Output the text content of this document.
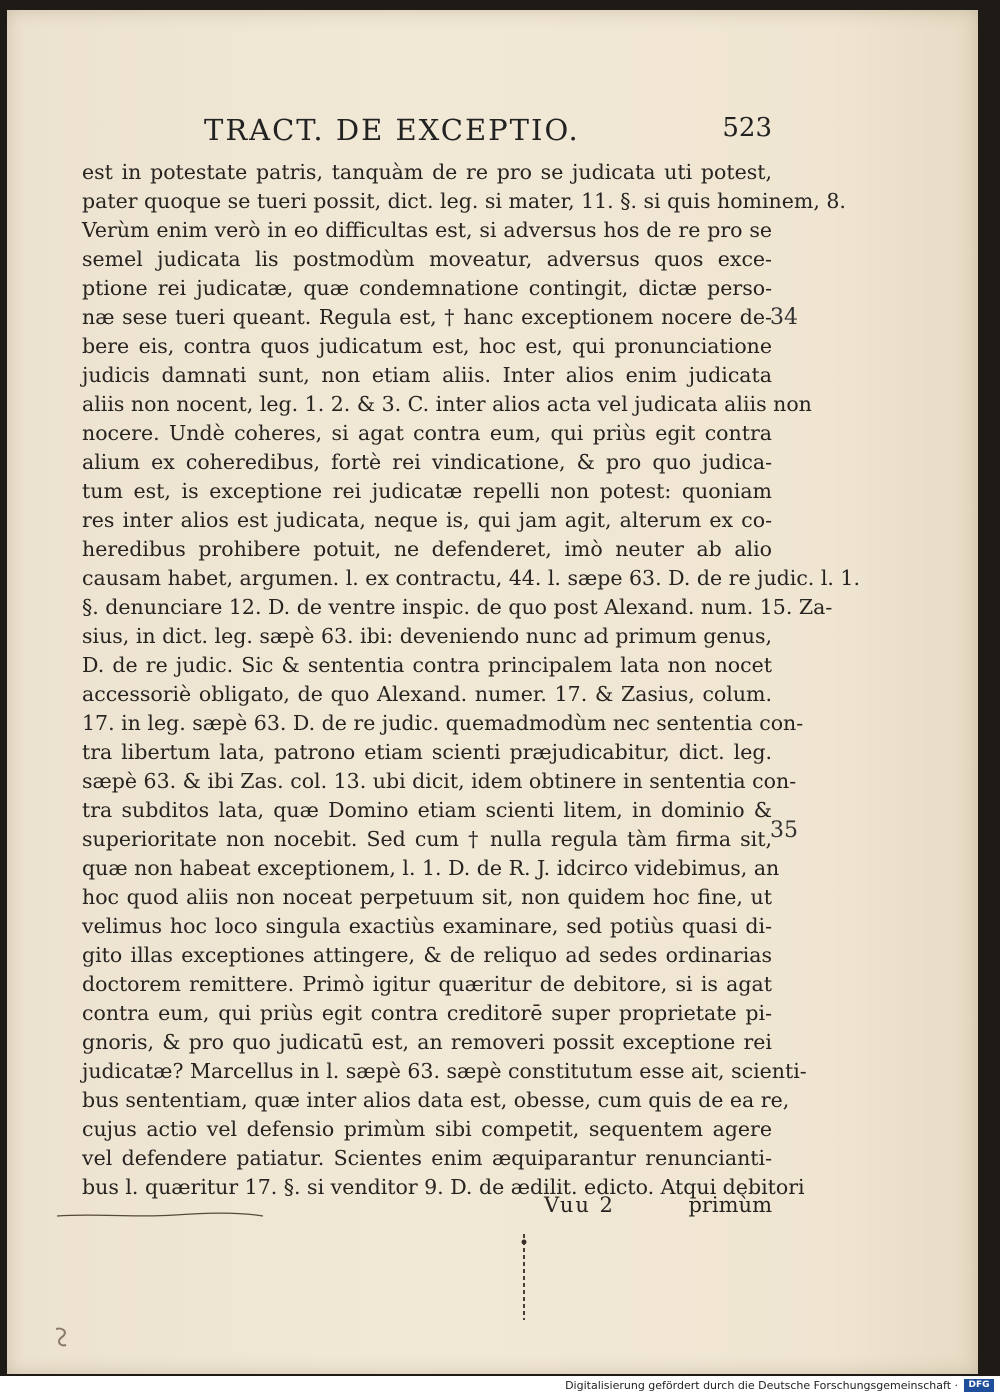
TRACT. DE EXCEPTIO.	523
est in potestate patris, tanquàm de re pro se judicata uti potest,
pater quoque se tueri possit, dict. leg. si mater, 11. §. si quis hominem, 8.
Verùm enim verò in eo difficultas est, si adversus hos de re pro se
semel judicata lis postmodùm moveatur, adversus quos exce-
ptione rei judicatæ, quæ condemnatione contingit, dictæ perso-
næ sese tueri queant. Regula est, † hanc exceptionem nocere de-
bere eis, contra quos judicatum est, hoc est, qui pronunciatione
judicis damnati sunt, non etiam aliis. Inter alios enim judicata
aliis non nocent, leg. 1. 2. & 3. C. inter alios acta vel judicata aliis non
nocere. Undè coheres, si agat contra eum, qui priùs egit contra
alium ex coheredibus, fortè rei vindicatione, & pro quo judica-
tum est, is exceptione rei judicatæ repelli non potest: quoniam
res inter alios est judicata, neque is, qui jam agit, alterum ex co-
heredibus prohibere potuit, ne defenderet, imò neuter ab alio
causam habet, argumen. l. ex contractu, 44. l. sæpe 63. D. de re judic. l. 1.
§. denunciare 12. D. de ventre inspic. de quo post Alexand. num. 15. Za-
sius, in dict. leg. sæpè 63. ibi: deveniendo nunc ad primum genus,
D. de re judic. Sic & sententia contra principalem lata non nocet
accessoriè obligato, de quo Alexand. numer. 17. & Zasius, colum.
17. in leg. sæpè 63. D. de re judic. quemadmodùm nec sententia con-
tra libertum lata, patrono etiam scienti præjudicabitur, dict. leg.
sæpè 63. & ibi Zas. col. 13. ubi dicit, idem obtinere in sententia con-
tra subditos lata, quæ Domino etiam scienti litem, in dominio &
superioritate non nocebit. Sed cum † nulla regula tàm firma sit,
quæ non habeat exceptionem, l. 1. D. de R. J. idcirco videbimus, an
hoc quod aliis non noceat perpetuum sit, non quidem hoc fine, ut
velimus hoc loco singula exactiùs examinare, sed potiùs quasi di-
gito illas exceptiones attingere, & de reliquo ad sedes ordinarias
doctorem remittere. Primò igitur quæritur de debitore, si is agat
contra eum, qui priùs egit contra creditorē super proprietate pi-
gnoris, & pro quo judicatū est, an removeri possit exceptione rei
judicatæ? Marcellus in l. sæpè 63. sæpè constitutum esse ait, scienti-
bus sententiam, quæ inter alios data est, obesse, cum quis de ea re,
cujus actio vel defensio primùm sibi competit, sequentem agere
vel defendere patiatur. Scientes enim æquiparantur renuncianti-
bus l. quæritur 17. §. si venditor 9. D. de ædilit. edicto. Atqui debitori
34
35
Vuu 2	primùm
Digitalisierung gefördert durch die Deutsche Forschungsgemeinschaft ·	DFG
